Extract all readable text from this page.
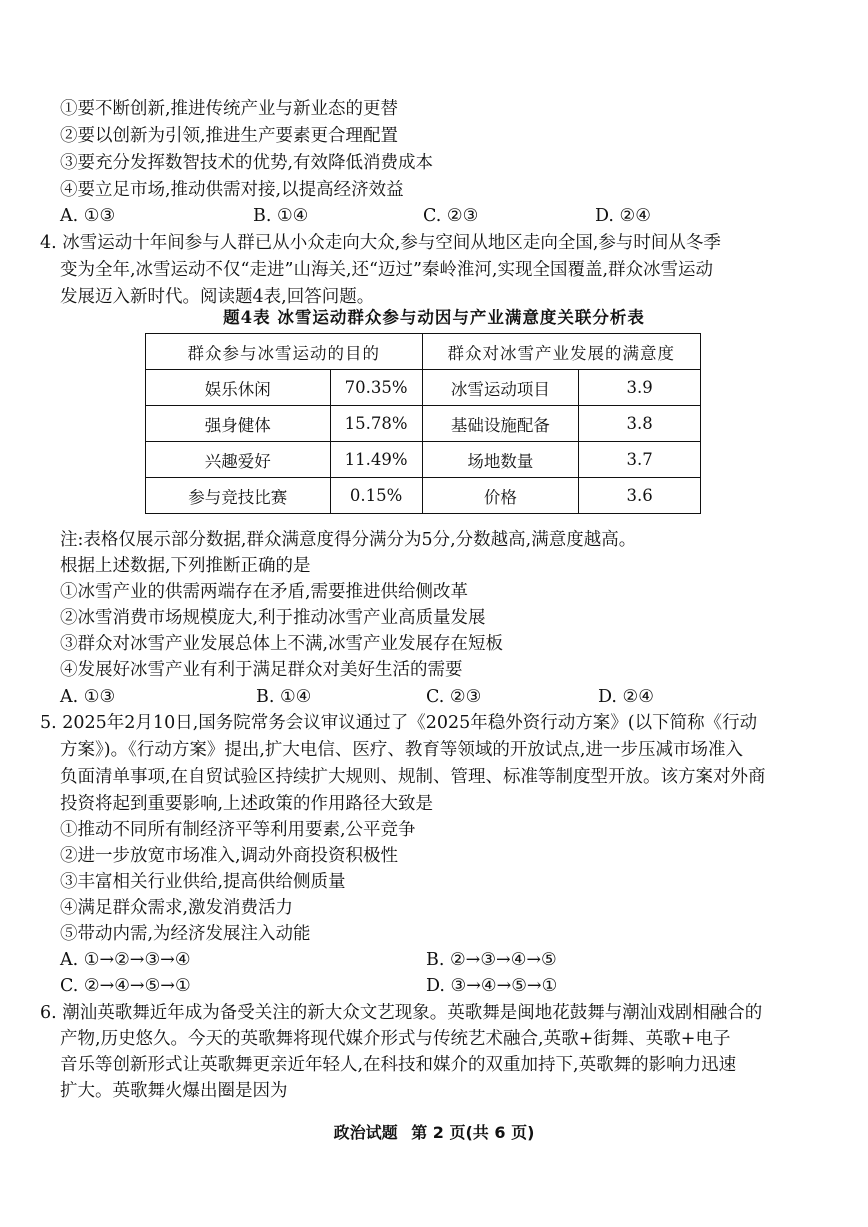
①要不断创新,推进传统产业与新业态的更替
②要以创新为引领,推进生产要素更合理配置
③要充分发挥数智技术的优势,有效降低消费成本
④要立足市场,推动供需对接,以提高经济效益
A. ①③	B. ①④	C. ②③	D. ②④
4. 冰雪运动十年间参与人群已从小众走向大众,参与空间从地区走向全国,参与时间从冬季
变为全年,冰雪运动不仅“走进”山海关,还“迈过”秦岭淮河,实现全国覆盖,群众冰雪运动
发展迈入新时代。阅读题4表,回答问题。
题4表 冰雪运动群众参与动因与产业满意度关联分析表
群众参与冰雪运动的目的		群众对冰雪产业发展的满意度	
娱乐休闲	70.35%	冰雪运动项目	3.9
强身健体	15.78%	基础设施配备	3.8
兴趣爱好	11.49%	场地数量	3.7
参与竞技比赛	0.15%	价格	3.6
注:表格仅展示部分数据,群众满意度得分满分为5分,分数越高,满意度越高。
根据上述数据,下列推断正确的是
①冰雪产业的供需两端存在矛盾,需要推进供给侧改革
②冰雪消费市场规模庞大,利于推动冰雪产业高质量发展
③群众对冰雪产业发展总体上不满,冰雪产业发展存在短板
④发展好冰雪产业有利于满足群众对美好生活的需要
A. ①③	B. ①④	C. ②③	D. ②④
5. 2025年2月10日,国务院常务会议审议通过了《2025年稳外资行动方案》(以下简称《行动
方案》)。《行动方案》提出,扩大电信、医疗、教育等领域的开放试点,进一步压减市场准入
负面清单事项,在自贸试验区持续扩大规则、规制、管理、标准等制度型开放。该方案对外商
投资将起到重要影响,上述政策的作用路径大致是
①推动不同所有制经济平等利用要素,公平竞争
②进一步放宽市场准入,调动外商投资积极性
③丰富相关行业供给,提高供给侧质量
④满足群众需求,激发消费活力
⑤带动内需,为经济发展注入动能
A. ①→②→③→④	B. ②→③→④→⑤
C. ②→④→⑤→①	D. ③→④→⑤→①
6. 潮汕英歌舞近年成为备受关注的新大众文艺现象。英歌舞是闽地花鼓舞与潮汕戏剧相融合的
产物,历史悠久。今天的英歌舞将现代媒介形式与传统艺术融合,英歌+街舞、英歌+电子
音乐等创新形式让英歌舞更亲近年轻人,在科技和媒介的双重加持下,英歌舞的影响力迅速
扩大。英歌舞火爆出圈是因为
政治试题 第 2 页(共 6 页)
